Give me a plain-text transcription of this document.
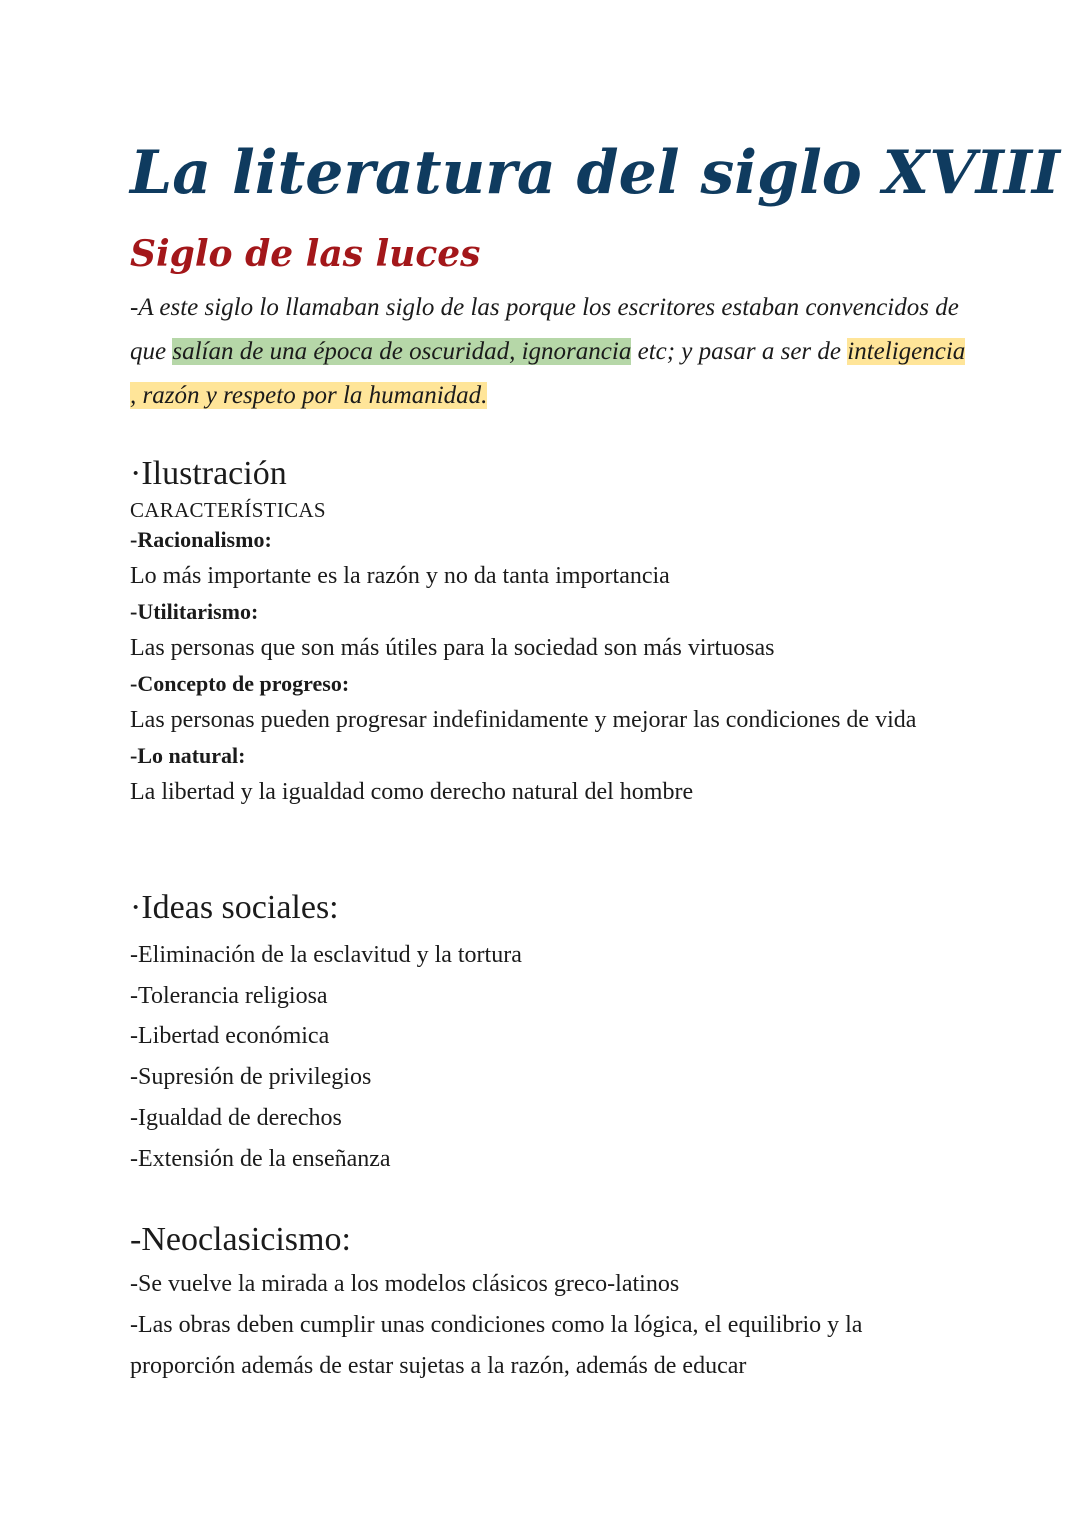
La literatura del siglo XVIII
Siglo de las luces

-A este siglo lo llamaban siglo de las porque los escritores estaban convencidos de que salían de una época de oscuridad, ignorancia etc; y pasar a ser de inteligencia , razón y respeto por la humanidad.

·Ilustración

CARACTERÍSTICAS

-Racionalismo:

Lo más importante es la razón y no da tanta importancia

-Utilitarismo:

Las personas que son más útiles para la sociedad son más virtuosas

-Concepto de progreso:

Las personas pueden progresar indefinidamente y mejorar las condiciones de vida

-Lo natural:

La libertad y la igualdad como derecho natural del hombre

·Ideas sociales:
-Eliminación de la esclavitud y la tortura
-Tolerancia religiosa
-Libertad económica
-Supresión de privilegios
-Igualdad de derechos
-Extensión de la enseñanza
-Neoclasicismo:
-Se vuelve la mirada a los modelos clásicos greco-latinos
-Las obras deben cumplir unas condiciones como la lógica, el equilibrio y la proporción además de estar sujetas a la razón, además de educar
